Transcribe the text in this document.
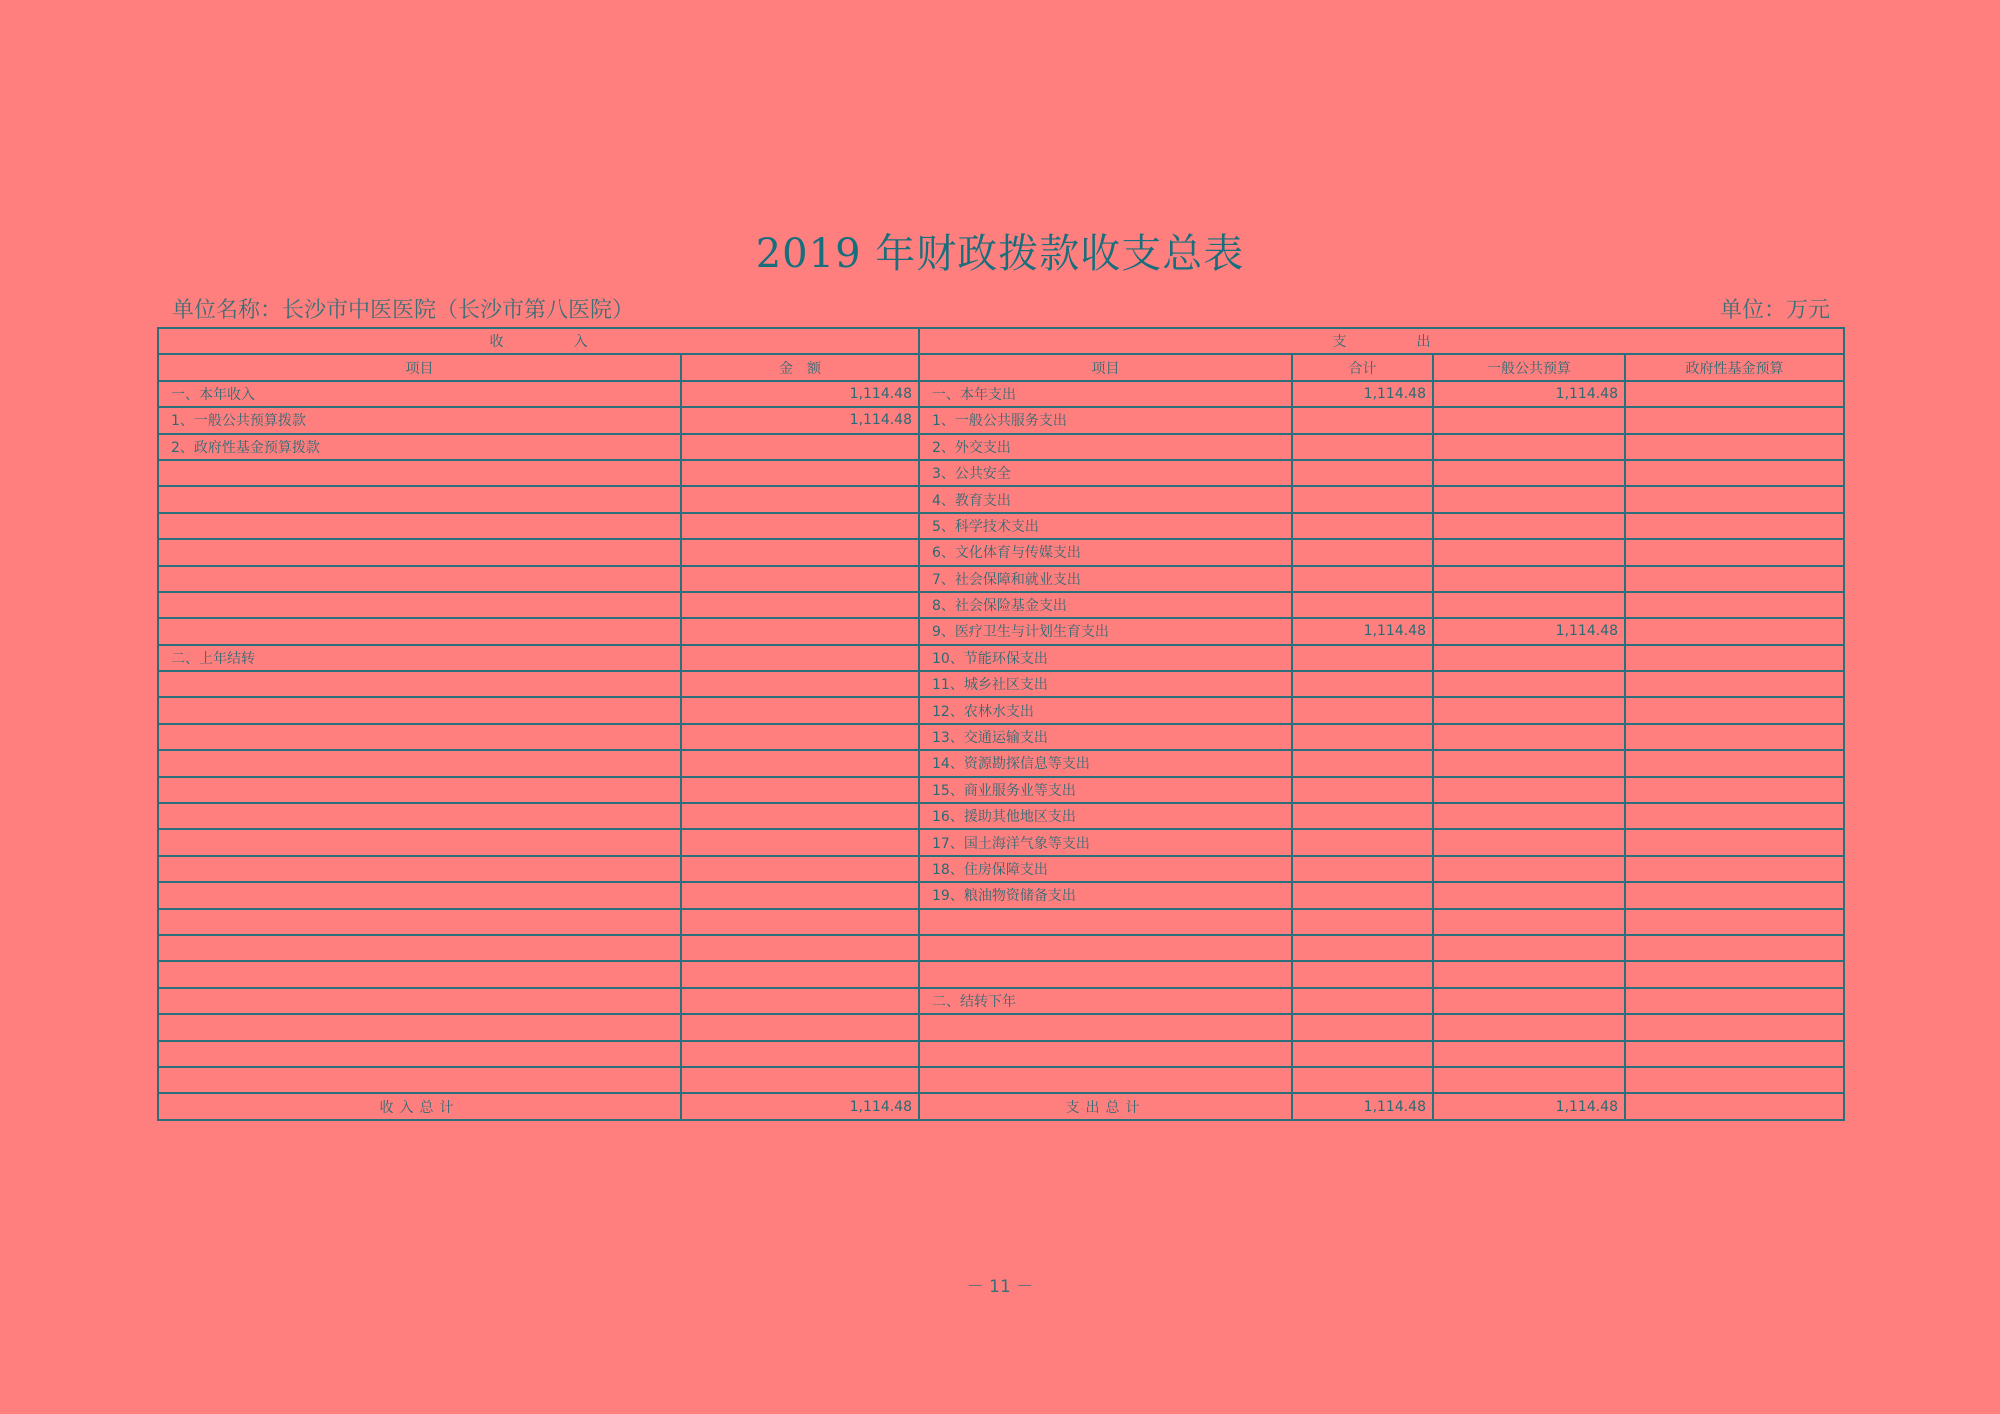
2019 年财政拨款收支总表
单位名称：长沙市中医医院（长沙市第八医院）	单位：万元
收　　　　　入		支　　　　　出			
项目	金　额	项目	合计	一般公共预算	政府性基金预算
一、本年收入	1,114.48	一、本年支出	1,114.48	1,114.48	
1、一般公共预算拨款	1,114.48	1、一般公共服务支出			
2、政府性基金预算拨款		2、外交支出			
		3、公共安全			
		4、教育支出			
		5、科学技术支出			
		6、文化体育与传媒支出			
		7、社会保障和就业支出			
		8、社会保险基金支出			
		9、医疗卫生与计划生育支出	1,114.48	1,114.48	
二、上年结转		10、节能环保支出			
		11、城乡社区支出			
		12、农林水支出			
		13、交通运输支出			
		14、资源勘探信息等支出			
		15、商业服务业等支出			
		16、援助其他地区支出			
		17、国土海洋气象等支出			
		18、住房保障支出			
		19、粮油物资储备支出			

		二、结转下年			

收入总计	1,114.48	支出总计	1,114.48	1,114.48	
－ 11 －
